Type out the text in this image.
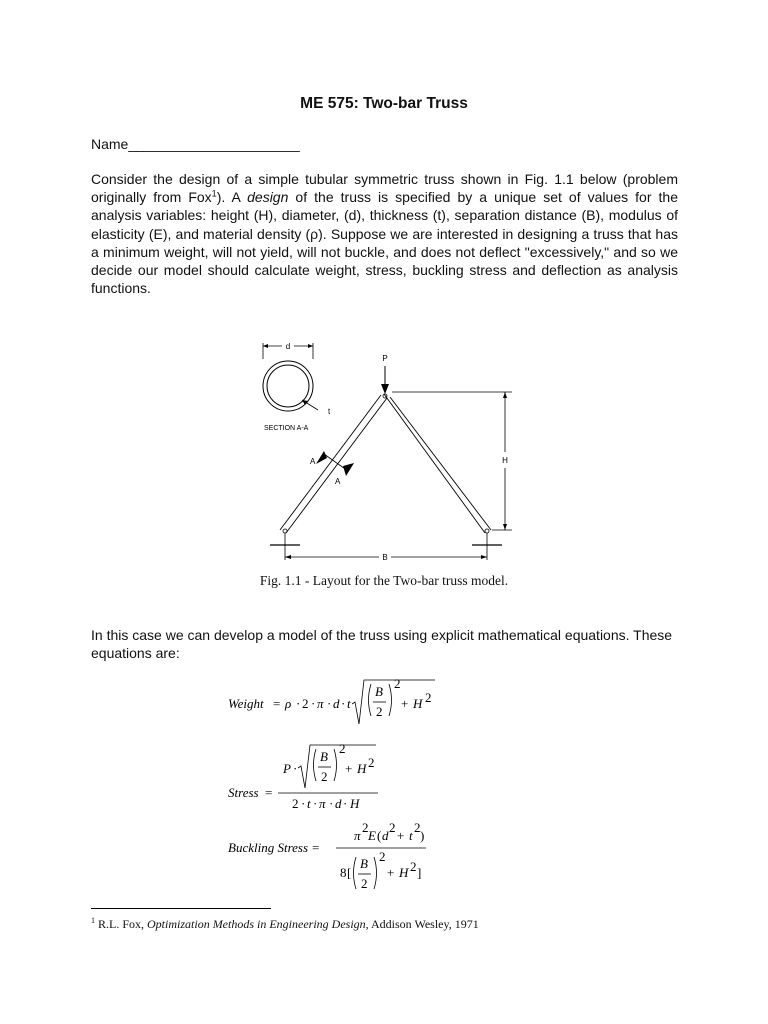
ME 575: Two-bar Truss
Name______________________
Consider the design of a simple tubular symmetric truss shown in Fig. 1.1 below (problem originally from Fox$^1$). A design of the truss is specified by a unique set of values for the analysis variables: height (H), diameter, (d), thickness (t), separation distance (B), modulus of elasticity (E), and material density (ρ). Suppose we are interested in designing a truss that has a minimum weight, will not yield, will not buckle, and does not deflect "excessively," and so we decide our model should calculate weight, stress, buckling stress and deflection as analysis functions.
d
t
SECTION A-A
P
H
B
A
A
Fig. 1.1 - Layout for the Two-bar truss model.
In this case we can develop a model of the truss using explicit mathematical equations. These equations are:
Weight = ρ · 2 · π · d · t
B
2
2
+ H 2
Stress =
P ·
B
2
2
+ H 2
2 · t · π · d · H
Buckling Stress =
π
2
E ( d
2
+ t
2
)
8 [
B
2
2
+ H 2 ]
$^1$ R.L. Fox, Optimization Methods in Engineering Design, Addison Wesley, 1971
